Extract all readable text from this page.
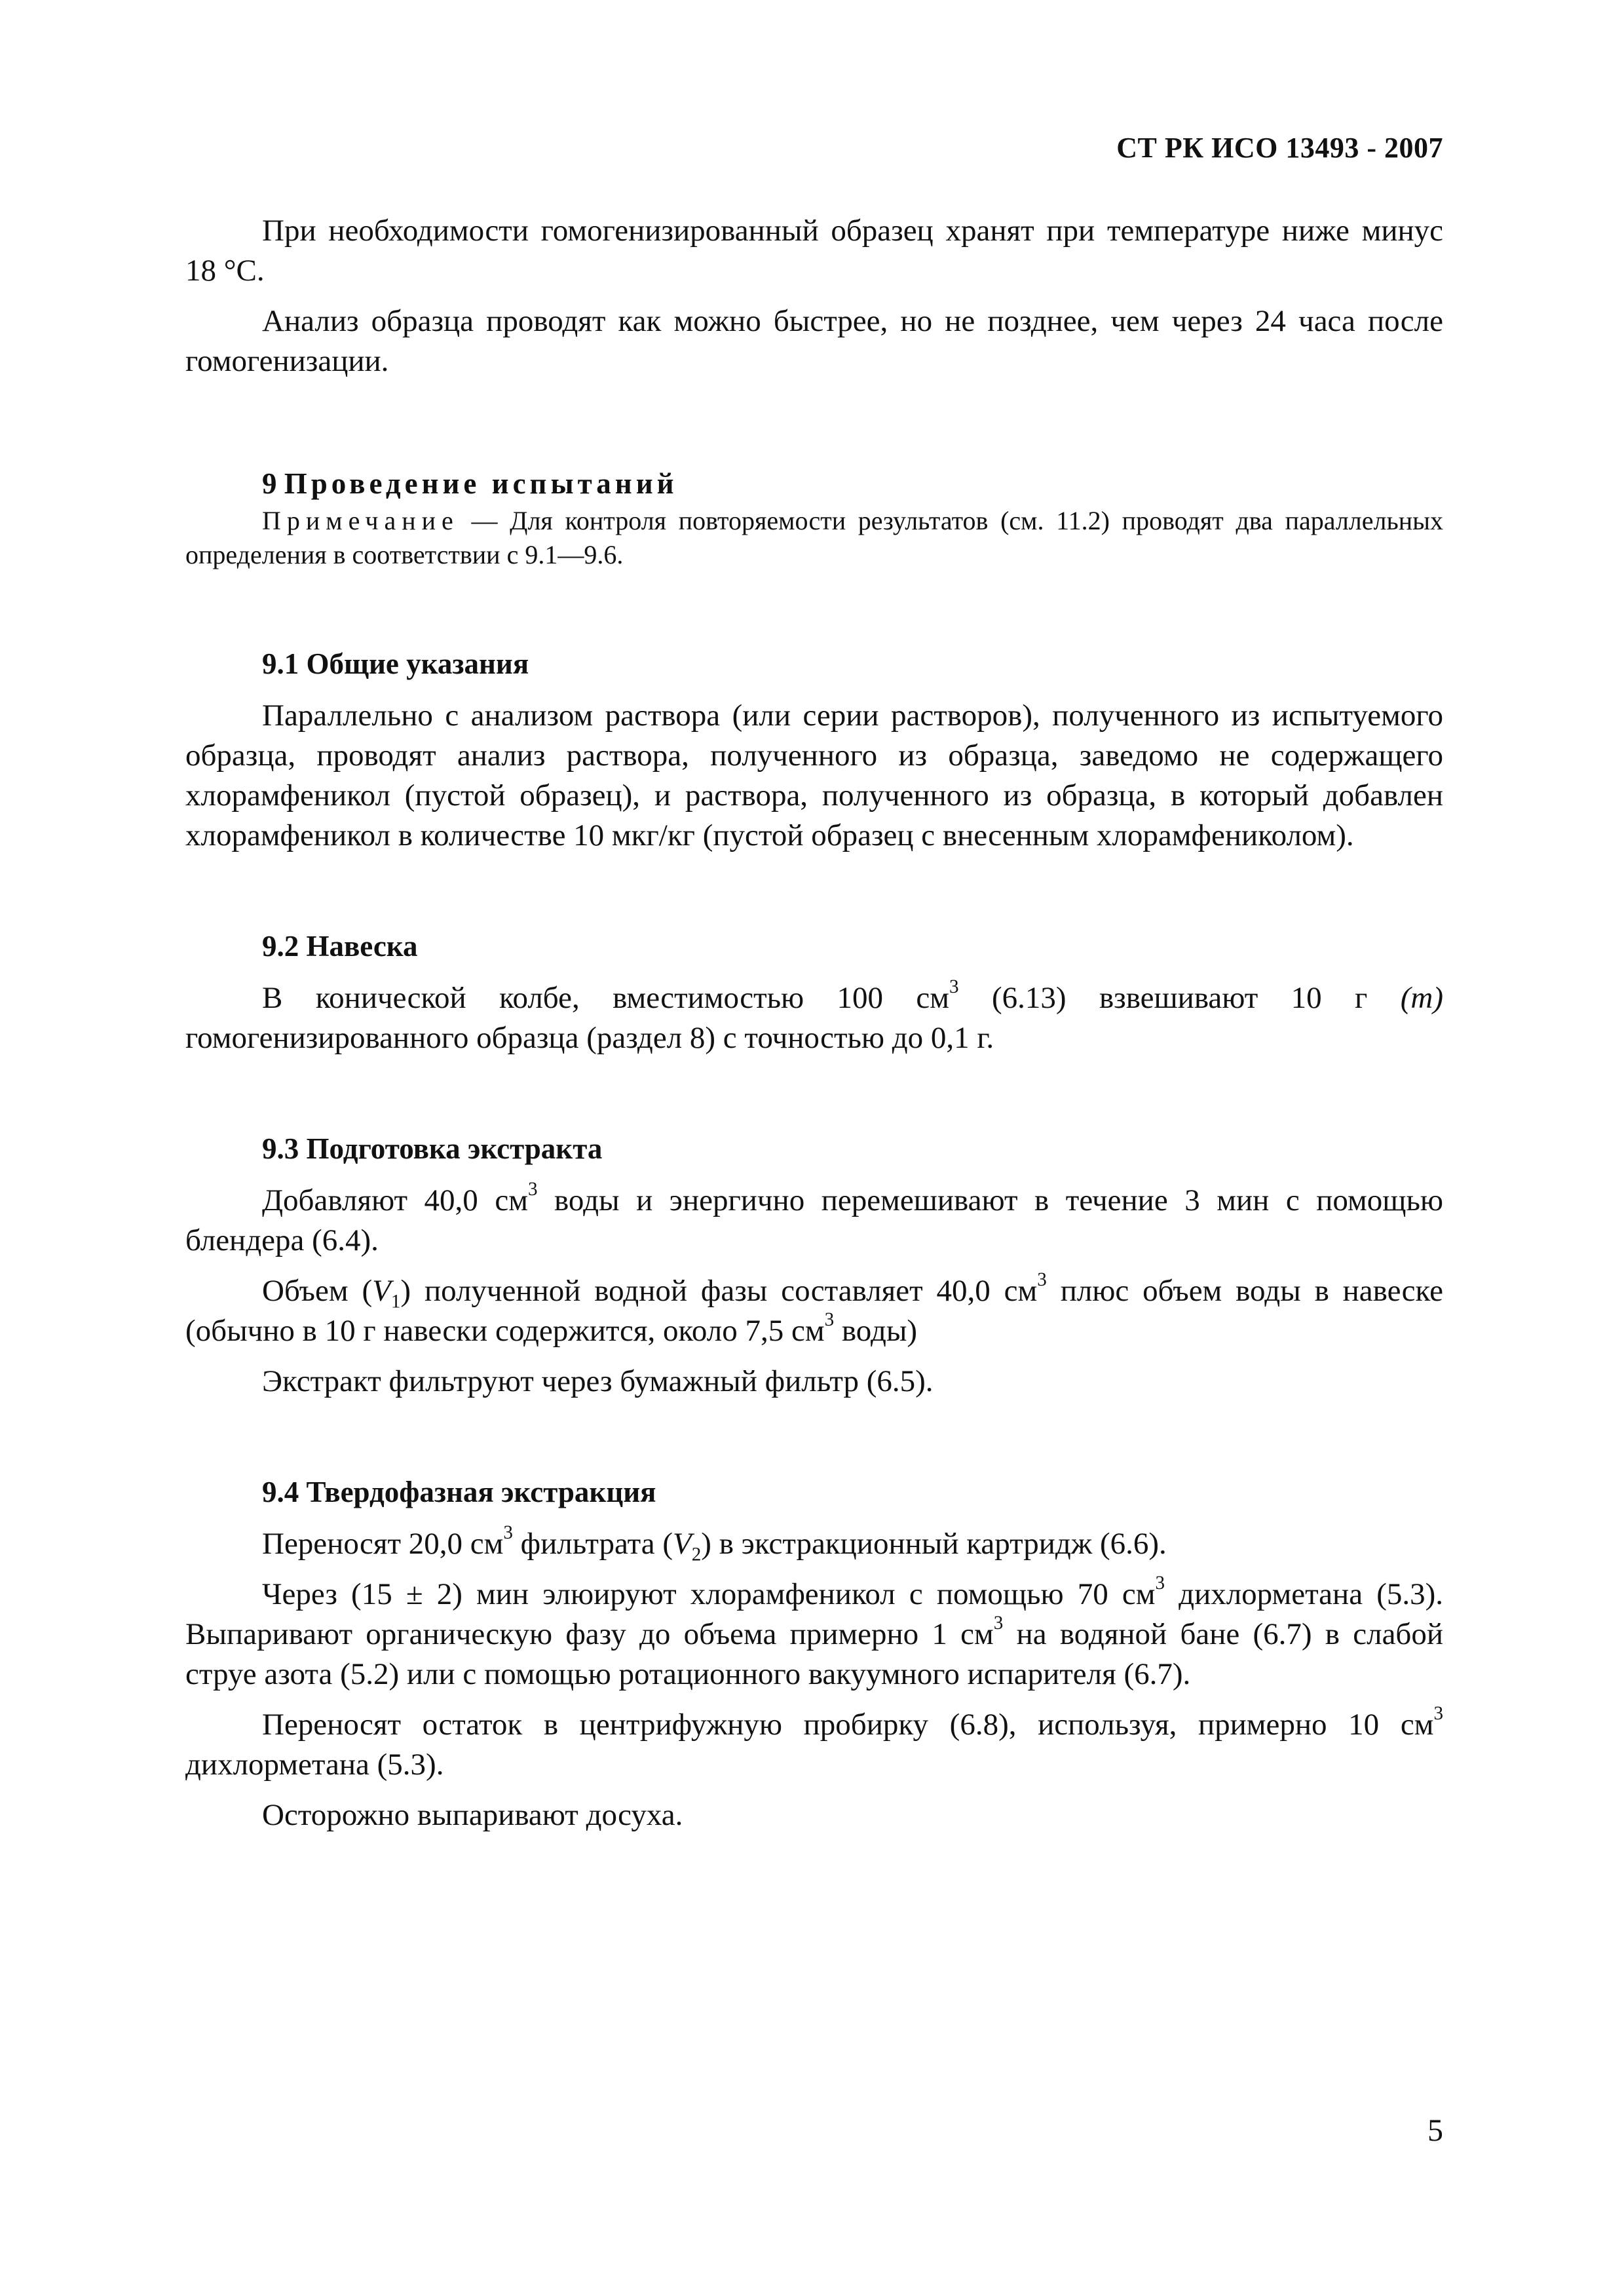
СТ РК ИСО 13493 - 2007

При необходимости гомогенизированный образец хранят при температуре ниже минус 18 °С.

Анализ образца проводят как можно быстрее, но не позднее, чем через 24 часа после гомогенизации.

9 Проведение испытаний

Примечание — Для контроля повторяемости результатов (см. 11.2) проводят два параллельных определения в соответствии с 9.1—9.6.

9.1 Общие указания

Параллельно с анализом раствора (или серии растворов), полученного из испытуемого образца, проводят анализ раствора, полученного из образца, заведомо не содержащего хлорамфеникол (пустой образец), и раствора, полученного из образца, в который добавлен хлорамфеникол в количестве 10 мкг/кг (пустой образец с внесенным хлорамфениколом).

9.2 Навеска

В конической колбе, вместимостью 100 $см^3$ (6.13) взвешивают 10 г (m) гомогенизированного образца (раздел 8) с точностью до 0,1 г.

9.3 Подготовка экстракта

Добавляют 40,0 $см^3$ воды и энергично перемешивают в течение 3 мин с помощью блендера (6.4).

Объем $(V_1)$ полученной водной фазы составляет 40,0 $см^3$ плюс объем воды в навеске (обычно в 10 г навески содержится, около 7,5 $см^3$ воды)

Экстракт фильтруют через бумажный фильтр (6.5).

9.4 Твердофазная экстракция

Переносят 20,0 $см^3$ фильтрата $(V_2)$ в экстракционный картридж (6.6).

Через (15 ± 2) мин элюируют хлорамфеникол с помощью 70 $см^3$ дихлорметана (5.3). Выпаривают органическую фазу до объема примерно 1 $см^3$ на водяной бане (6.7) в слабой струе азота (5.2) или с помощью ротационного вакуумного испарителя (6.7).

Переносят остаток в центрифужную пробирку (6.8), используя, примерно 10 $см^3$ дихлорметана (5.3).

Осторожно выпаривают досуха.

5
